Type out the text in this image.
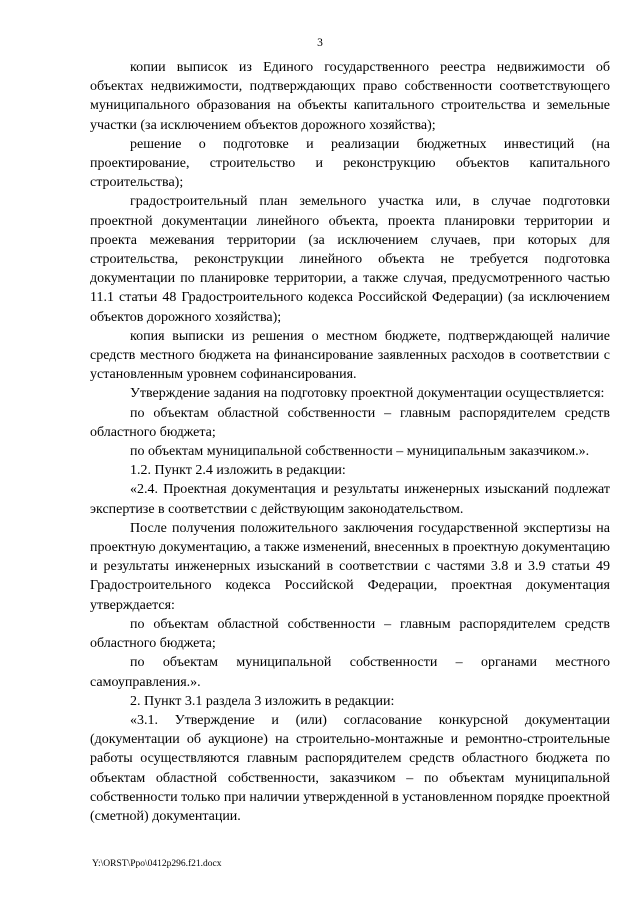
3

копии выписок из Единого государственного реестра недвижимости об объектах недвижимости, подтверждающих право собственности соответствующего муниципального образования на объекты капитального строительства и земельные участки (за исключением объектов дорожного хозяйства);

решение о подготовке и реализации бюджетных инвестиций (на проектирование, строительство и реконструкцию объектов капитального строительства);

градостроительный план земельного участка или, в случае подготовки проектной документации линейного объекта, проекта планировки территории и проекта межевания территории (за исключением случаев, при которых для строительства, реконструкции линейного объекта не требуется подготовка документации по планировке территории, а также случая, предусмотренного частью 11.1 статьи 48 Градостроительного кодекса Российской Федерации) (за исключением объектов дорожного хозяйства);

копия выписки из решения о местном бюджете, подтверждающей наличие средств местного бюджета на финансирование заявленных расходов в соответствии с установленным уровнем софинансирования.

Утверждение задания на подготовку проектной документации осуществляется:

по объектам областной собственности – главным распорядителем средств областного бюджета;

по объектам муниципальной собственности – муниципальным заказчиком.».

1.2. Пункт 2.4 изложить в редакции:

«2.4. Проектная документация и результаты инженерных изысканий подлежат экспертизе в соответствии с действующим законодательством.

После получения положительного заключения государственной экспертизы на проектную документацию, а также изменений, внесенных в проектную документацию и результаты инженерных изысканий в соответствии с частями 3.8 и 3.9 статьи 49 Градостроительного кодекса Российской Федерации, проектная документация утверждается:

по объектам областной собственности – главным распорядителем средств областного бюджета;

по объектам муниципальной собственности – органами местного самоуправления.».

2. Пункт 3.1 раздела 3 изложить в редакции:

«3.1. Утверждение и (или) согласование конкурсной документации (документации об аукционе) на строительно-монтажные и ремонтно-строительные работы осуществляются главным распорядителем средств областного бюджета по объектам областной собственности, заказчиком – по объектам муниципальной собственности только при наличии утвержденной в установленном порядке проектной (сметной) документации.

Y:\ORST\Ppo\0412p296.f21.docx
